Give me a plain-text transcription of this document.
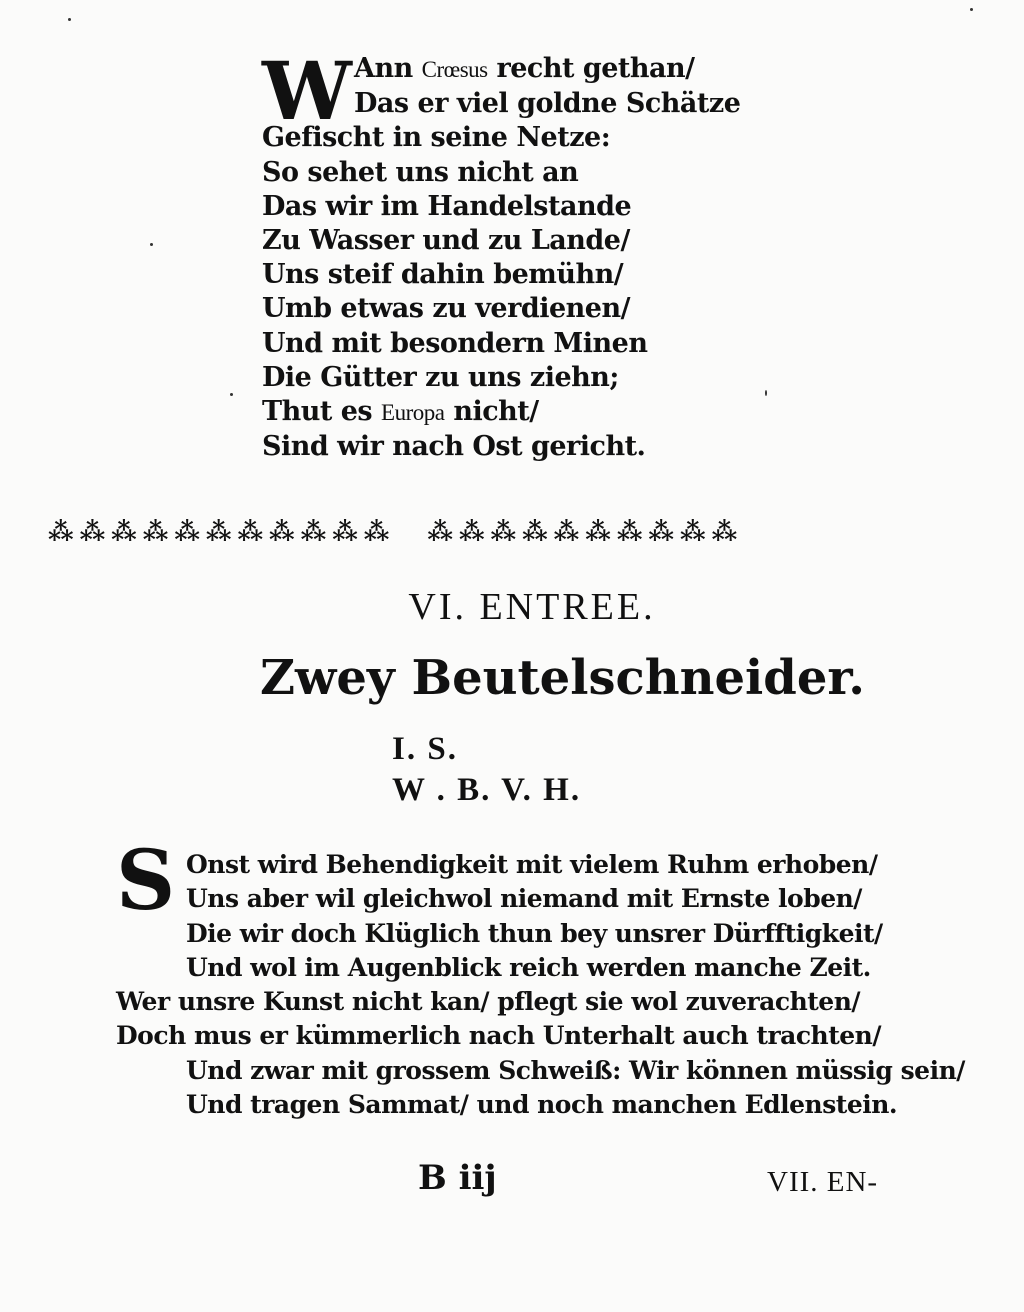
W Ann Crœsus recht gethan/
Das er viel goldne Schätze
Gefischt in seine Netze:
So sehet uns nicht an
Das wir im Handelstande
Zu Wasser und zu Lande/
Uns steif dahin bemühn/
Umb etwas zu verdienen/
Und mit besondern Minen
Die Gütter zu uns ziehn;
Thut es Europa nicht/
Sind wir nach Ost gericht.
⁂ ⁂ ⁂ ⁂ ⁂ ⁂ ⁂ ⁂ ⁂ ⁂ ⁂ ⁂ ⁂ ⁂ ⁂ ⁂ ⁂ ⁂ ⁂ ⁂ ⁂
VI. ENTREE.
Zwey Beutelschneider.
I. S.
W . B. V. H.
S Onst wird Behendigkeit mit vielem Ruhm erhoben/
Uns aber wil gleichwol niemand mit Ernste loben/
Die wir doch Klüglich thun bey unsrer Dürfftigkeit/
Und wol im Augenblick reich werden manche Zeit.
Wer unsre Kunst nicht kan/ pflegt sie wol zuverachten/
Doch mus er kümmerlich nach Unterhalt auch trachten/
Und zwar mit grossem Schweiß: Wir können müssig sein/
Und tragen Sammat/ und noch manchen Edlenstein.
B iij	VII. EN-
